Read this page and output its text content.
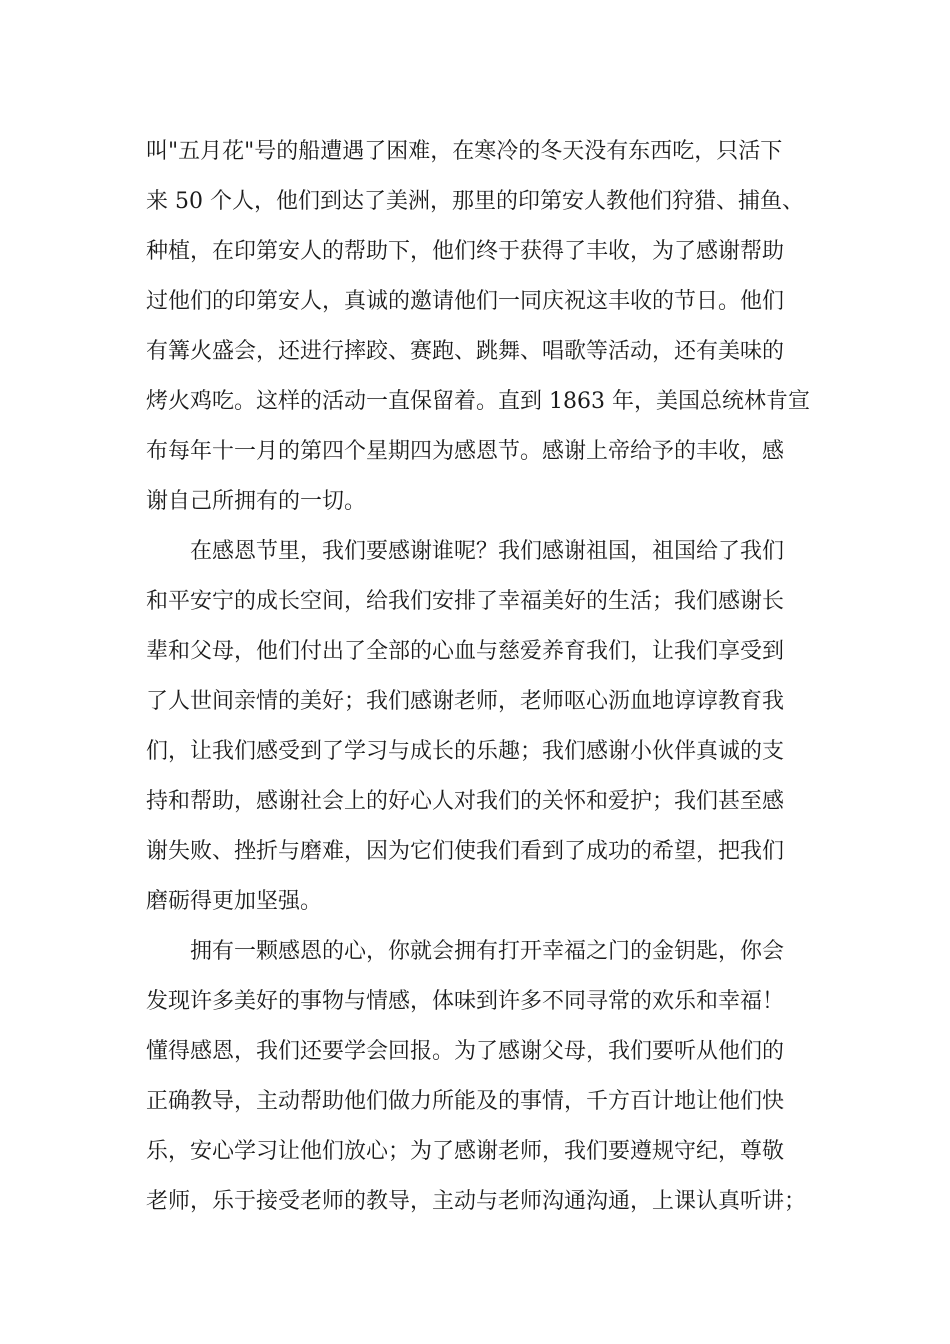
叫"五月花"号的船遭遇了困难，在寒冷的冬天没有东西吃，只活下
来 50 个人，他们到达了美洲，那里的印第安人教他们狩猎、捕鱼、
种植，在印第安人的帮助下，他们终于获得了丰收，为了感谢帮助
过他们的印第安人，真诚的邀请他们一同庆祝这丰收的节日。他们
有篝火盛会，还进行摔跤、赛跑、跳舞、唱歌等活动，还有美味的
烤火鸡吃。这样的活动一直保留着。直到 1863 年，美国总统林肯宣
布每年十一月的第四个星期四为感恩节。感谢上帝给予的丰收，感
谢自己所拥有的一切。
在感恩节里，我们要感谢谁呢？我们感谢祖国，祖国给了我们
和平安宁的成长空间，给我们安排了幸福美好的生活；我们感谢长
辈和父母，他们付出了全部的心血与慈爱养育我们，让我们享受到
了人世间亲情的美好；我们感谢老师，老师呕心沥血地谆谆教育我
们，让我们感受到了学习与成长的乐趣；我们感谢小伙伴真诚的支
持和帮助，感谢社会上的好心人对我们的关怀和爱护；我们甚至感
谢失败、挫折与磨难，因为它们使我们看到了成功的希望，把我们
磨砺得更加坚强。
拥有一颗感恩的心，你就会拥有打开幸福之门的金钥匙，你会
发现许多美好的事物与情感，体味到许多不同寻常的欢乐和幸福！
懂得感恩，我们还要学会回报。为了感谢父母，我们要听从他们的
正确教导，主动帮助他们做力所能及的事情，千方百计地让他们快
乐，安心学习让他们放心；为了感谢老师，我们要遵规守纪，尊敬
老师，乐于接受老师的教导，主动与老师沟通沟通，上课认真听讲；
